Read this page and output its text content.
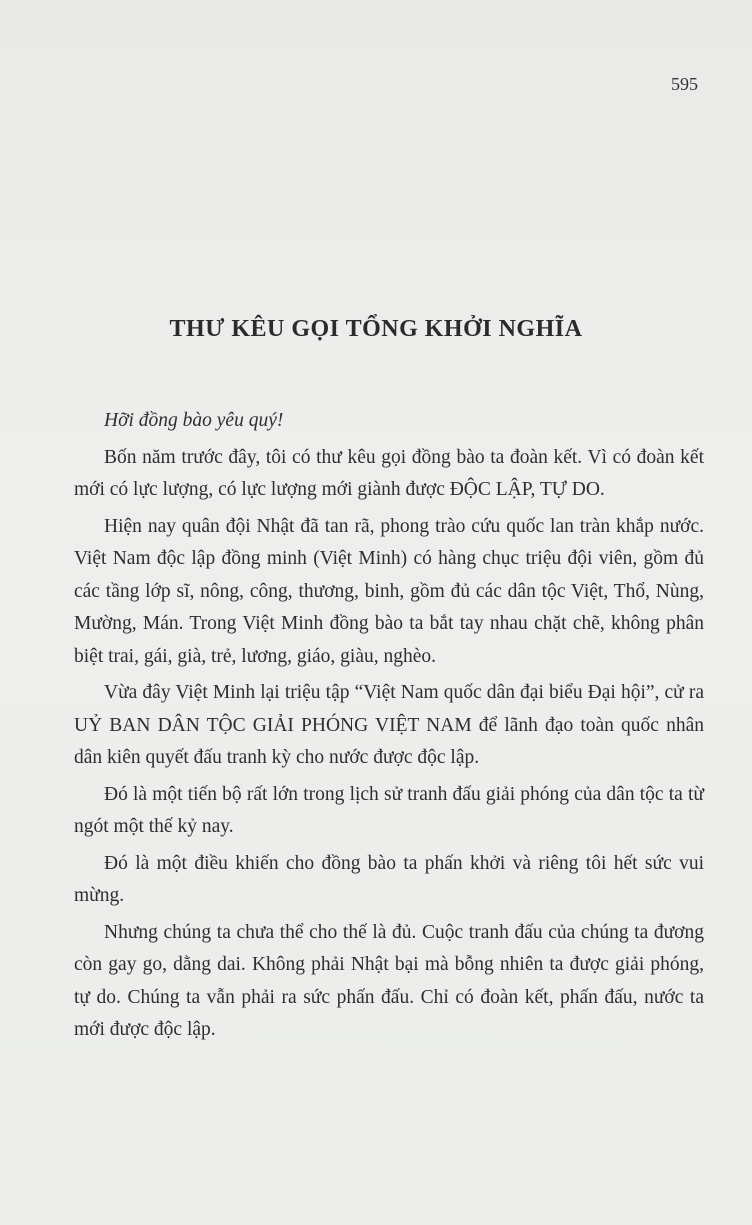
595
THƯ KÊU GỌI TỔNG KHỞI NGHĨA

Hỡi đồng bào yêu quý!

Bốn năm trước đây, tôi có thư kêu gọi đồng bào ta đoàn kết. Vì có đoàn kết mới có lực lượng, có lực lượng mới giành được ĐỘC LẬP, TỰ DO.

Hiện nay quân đội Nhật đã tan rã, phong trào cứu quốc lan tràn khắp nước. Việt Nam độc lập đồng minh (Việt Minh) có hàng chục triệu đội viên, gồm đủ các tầng lớp sĩ, nông, công, thương, binh, gồm đủ các dân tộc Việt, Thổ, Nùng, Mường, Mán. Trong Việt Minh đồng bào ta bắt tay nhau chặt chẽ, không phân biệt trai, gái, già, trẻ, lương, giáo, giàu, nghèo.

Vừa đây Việt Minh lại triệu tập “Việt Nam quốc dân đại biểu Đại hội”, cử ra UỶ BAN DÂN TỘC GIẢI PHÓNG VIỆT NAM để lãnh đạo toàn quốc nhân dân kiên quyết đấu tranh kỳ cho nước được độc lập.

Đó là một tiến bộ rất lớn trong lịch sử tranh đấu giải phóng của dân tộc ta từ ngót một thế kỷ nay.

Đó là một điều khiến cho đồng bào ta phấn khởi và riêng tôi hết sức vui mừng.

Nhưng chúng ta chưa thể cho thế là đủ. Cuộc tranh đấu của chúng ta đương còn gay go, dằng dai. Không phải Nhật bại mà bỗng nhiên ta được giải phóng, tự do. Chúng ta vẫn phải ra sức phấn đấu. Chỉ có đoàn kết, phấn đấu, nước ta mới được độc lập.
